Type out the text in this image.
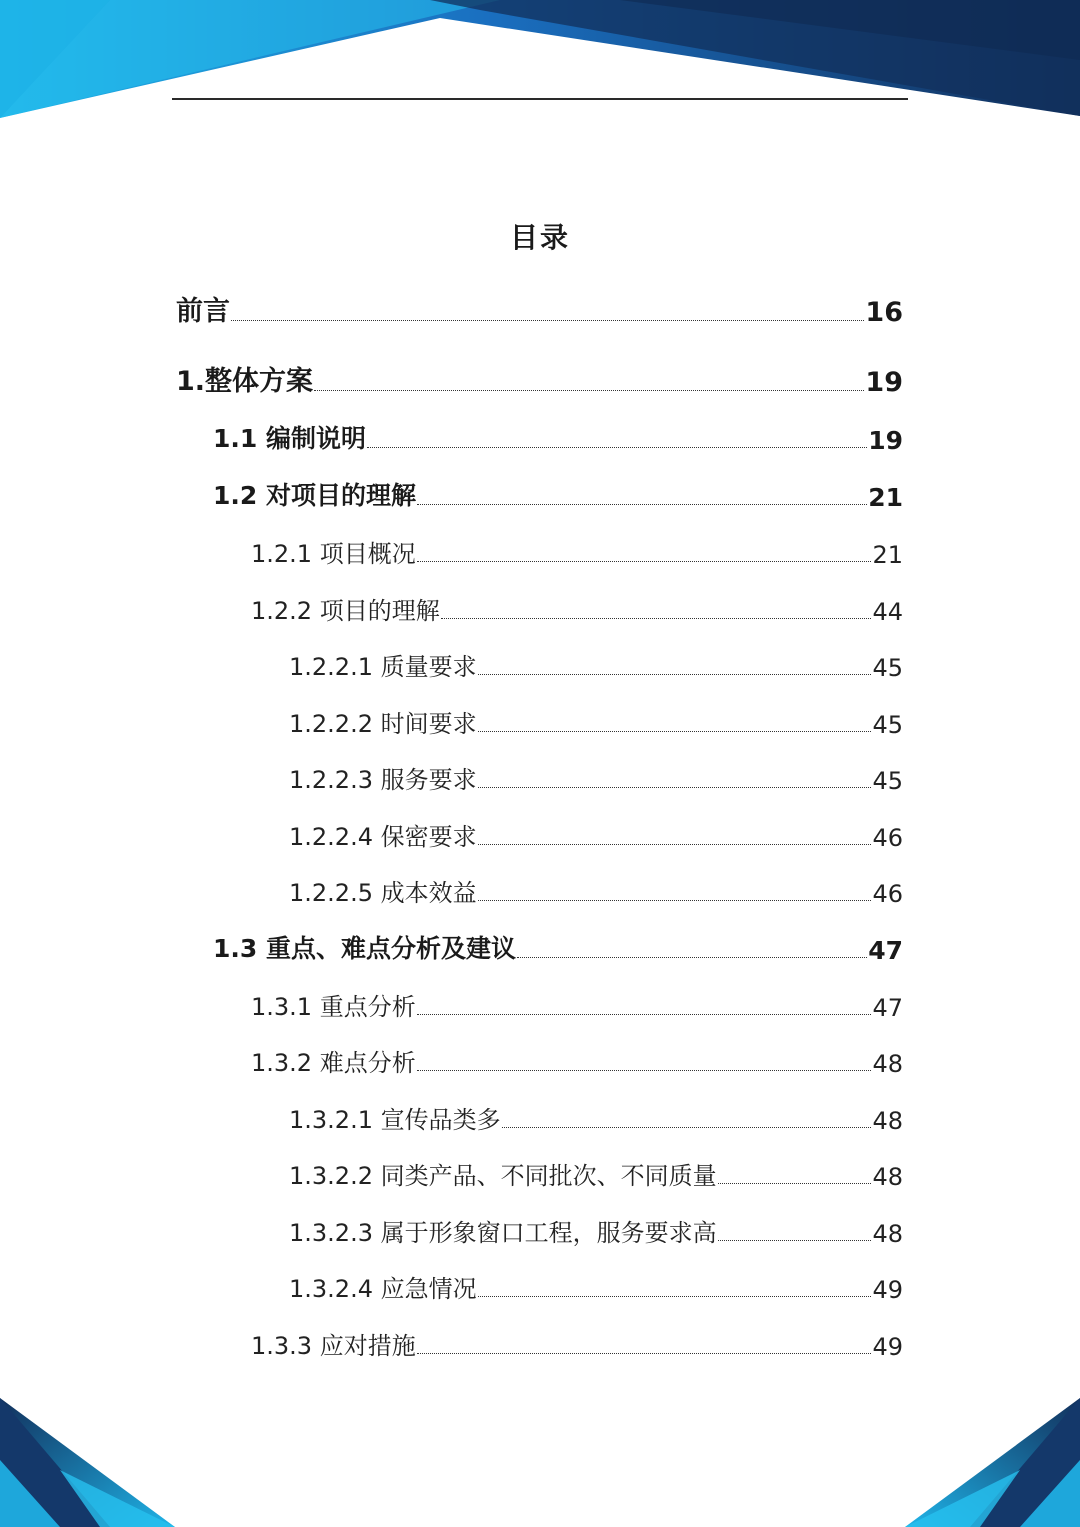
目录
前言	16
1.整体方案	19
1.1 编制说明	19
1.2 对项目的理解	21
1.2.1 项目概况	21
1.2.2 项目的理解	44
1.2.2.1 质量要求	45
1.2.2.2 时间要求	45
1.2.2.3 服务要求	45
1.2.2.4 保密要求	46
1.2.2.5 成本效益	46
1.3 重点、难点分析及建议	47
1.3.1 重点分析	47
1.3.2 难点分析	48
1.3.2.1 宣传品类多	48
1.3.2.2 同类产品、不同批次、不同质量	48
1.3.2.3 属于形象窗口工程，服务要求高	48
1.3.2.4 应急情况	49
1.3.3 应对措施	49
